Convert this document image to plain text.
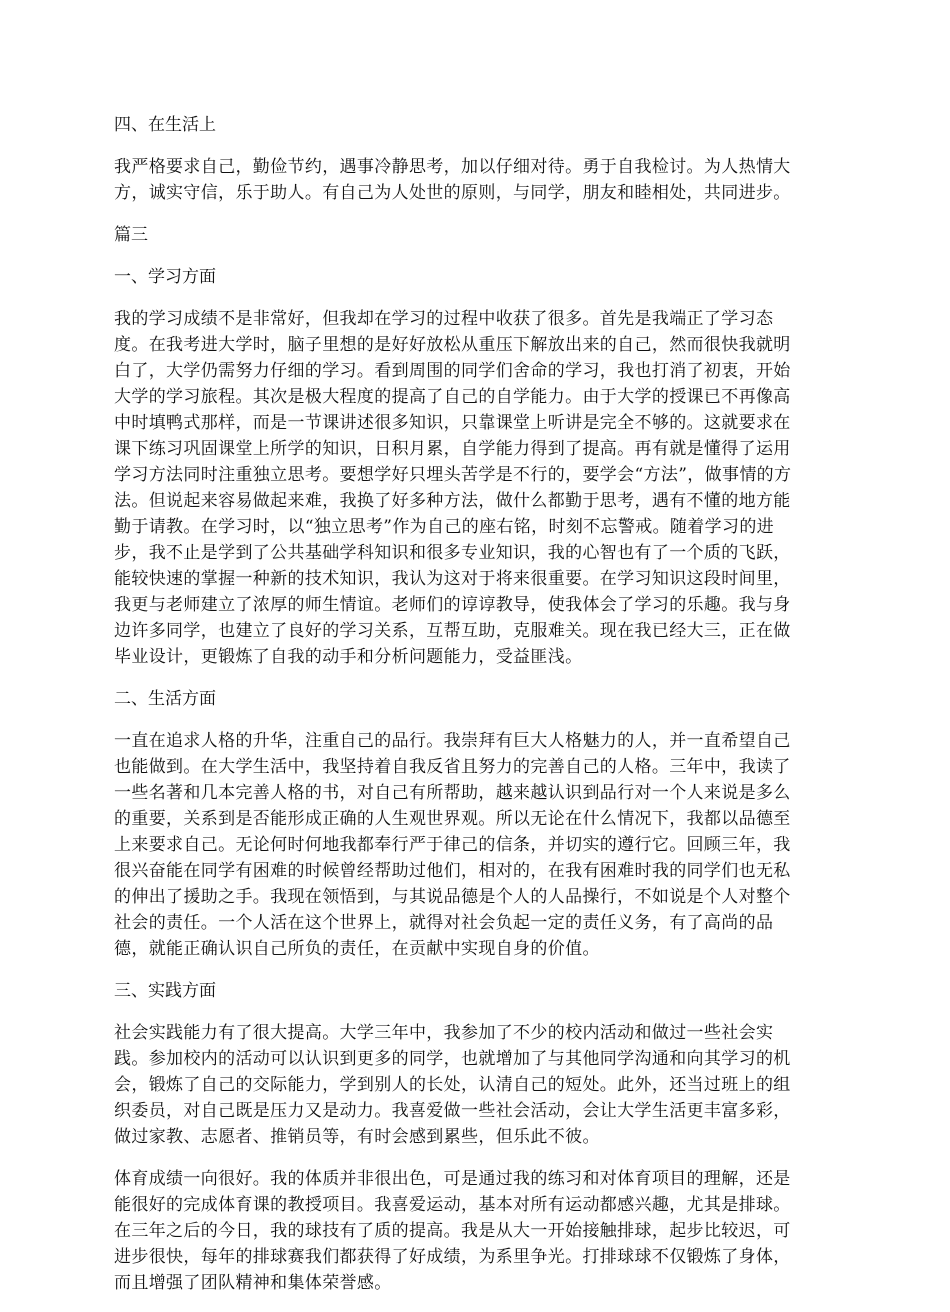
四、在生活上
我严格要求自己，勤俭节约，遇事冷静思考，加以仔细对待。勇于自我检讨。为人热情大
方，诚实守信，乐于助人。有自己为人处世的原则，与同学，朋友和睦相处，共同进步。
篇三
一、学习方面
我的学习成绩不是非常好，但我却在学习的过程中收获了很多。首先是我端正了学习态
度。在我考进大学时，脑子里想的是好好放松从重压下解放出来的自己，然而很快我就明
白了，大学仍需努力仔细的学习。看到周围的同学们舍命的学习，我也打消了初衷，开始
大学的学习旅程。其次是极大程度的提高了自己的自学能力。由于大学的授课已不再像高
中时填鸭式那样，而是一节课讲述很多知识，只靠课堂上听讲是完全不够的。这就要求在
课下练习巩固课堂上所学的知识，日积月累，自学能力得到了提高。再有就是懂得了运用
学习方法同时注重独立思考。要想学好只埋头苦学是不行的，要学会“方法”，做事情的方
法。但说起来容易做起来难，我换了好多种方法，做什么都勤于思考，遇有不懂的地方能
勤于请教。在学习时，以“独立思考”作为自己的座右铭，时刻不忘警戒。随着学习的进
步，我不止是学到了公共基础学科知识和很多专业知识，我的心智也有了一个质的飞跃，
能较快速的掌握一种新的技术知识，我认为这对于将来很重要。在学习知识这段时间里，
我更与老师建立了浓厚的师生情谊。老师们的谆谆教导，使我体会了学习的乐趣。我与身
边许多同学，也建立了良好的学习关系，互帮互助，克服难关。现在我已经大三，正在做
毕业设计，更锻炼了自我的动手和分析问题能力，受益匪浅。
二、生活方面
一直在追求人格的升华，注重自己的品行。我崇拜有巨大人格魅力的人，并一直希望自己
也能做到。在大学生活中，我坚持着自我反省且努力的完善自己的人格。三年中，我读了
一些名著和几本完善人格的书，对自己有所帮助，越来越认识到品行对一个人来说是多么
的重要，关系到是否能形成正确的人生观世界观。所以无论在什么情况下，我都以品德至
上来要求自己。无论何时何地我都奉行严于律己的信条，并切实的遵行它。回顾三年，我
很兴奋能在同学有困难的时候曾经帮助过他们，相对的，在我有困难时我的同学们也无私
的伸出了援助之手。我现在领悟到，与其说品德是个人的人品操行，不如说是个人对整个
社会的责任。一个人活在这个世界上，就得对社会负起一定的责任义务，有了高尚的品
德，就能正确认识自己所负的责任，在贡献中实现自身的价值。
三、实践方面
社会实践能力有了很大提高。大学三年中，我参加了不少的校内活动和做过一些社会实
践。参加校内的活动可以认识到更多的同学，也就增加了与其他同学沟通和向其学习的机
会，锻炼了自己的交际能力，学到别人的长处，认清自己的短处。此外，还当过班上的组
织委员，对自己既是压力又是动力。我喜爱做一些社会活动，会让大学生活更丰富多彩，
做过家教、志愿者、推销员等，有时会感到累些，但乐此不彼。
体育成绩一向很好。我的体质并非很出色，可是通过我的练习和对体育项目的理解，还是
能很好的完成体育课的教授项目。我喜爱运动，基本对所有运动都感兴趣，尤其是排球。
在三年之后的今日，我的球技有了质的提高。我是从大一开始接触排球，起步比较迟，可
进步很快，每年的排球赛我们都获得了好成绩，为系里争光。打排球球不仅锻炼了身体，
而且增强了团队精神和集体荣誉感。
